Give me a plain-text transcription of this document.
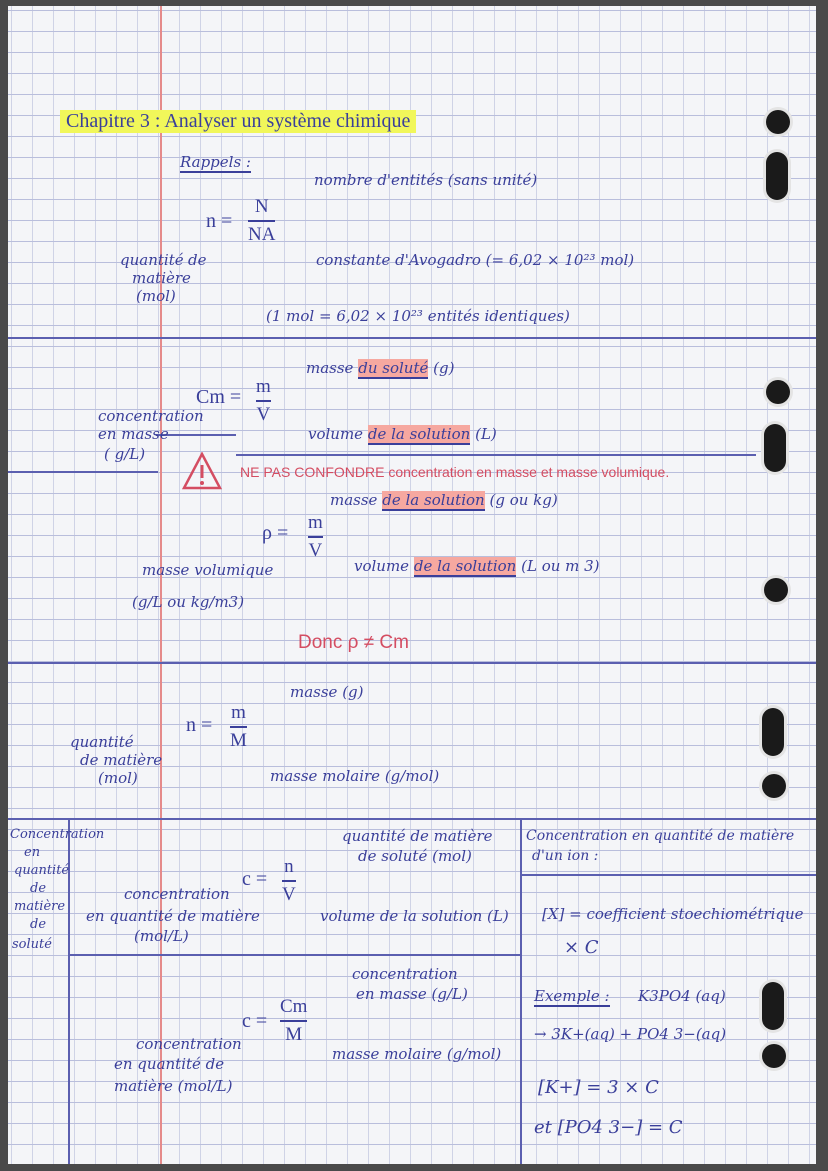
Chapitre 3 : Analyser un système chimique
Rappels :
nombre d'entités (sans unité)
n =
N
NA
constante d'Avogadro (= 6,02 × 10²³ mol)
quantité de
matière
(mol)
(1 mol = 6,02 × 10²³ entités identiques)
Cm = m
V
masse du soluté (g)
volume de la solution (L)
concentration
en masse
( g/L)
NE PAS CONFONDRE concentration en masse et masse volumique.
masse de la solution (g ou kg)
ρ = m
V
volume de la solution (L ou m 3)
masse volumique
(g/L ou kg/m3)
Donc ρ ≠ Cm
masse (g)
n =
m
M
masse molaire (g/mol)
quantité
de matière
(mol)
Concentration
en
quantité
de
matière
de
soluté
quantité de matière
de soluté (mol)
c =
n
V
volume de la solution (L)
concentration
en quantité de matière
(mol/L)
concentration
en masse (g/L)
c =
Cm
M
masse molaire (g/mol)
concentration
en quantité de
matière (mol/L)
Concentration en quantité de matière
d'un ion :
[X] = coefficient stoechiométrique
× C
Exemple : K3PO4 (aq)
→ 3K+(aq) + PO4 3−(aq)
[K+] = 3 × C
et [PO4 3−] = C
